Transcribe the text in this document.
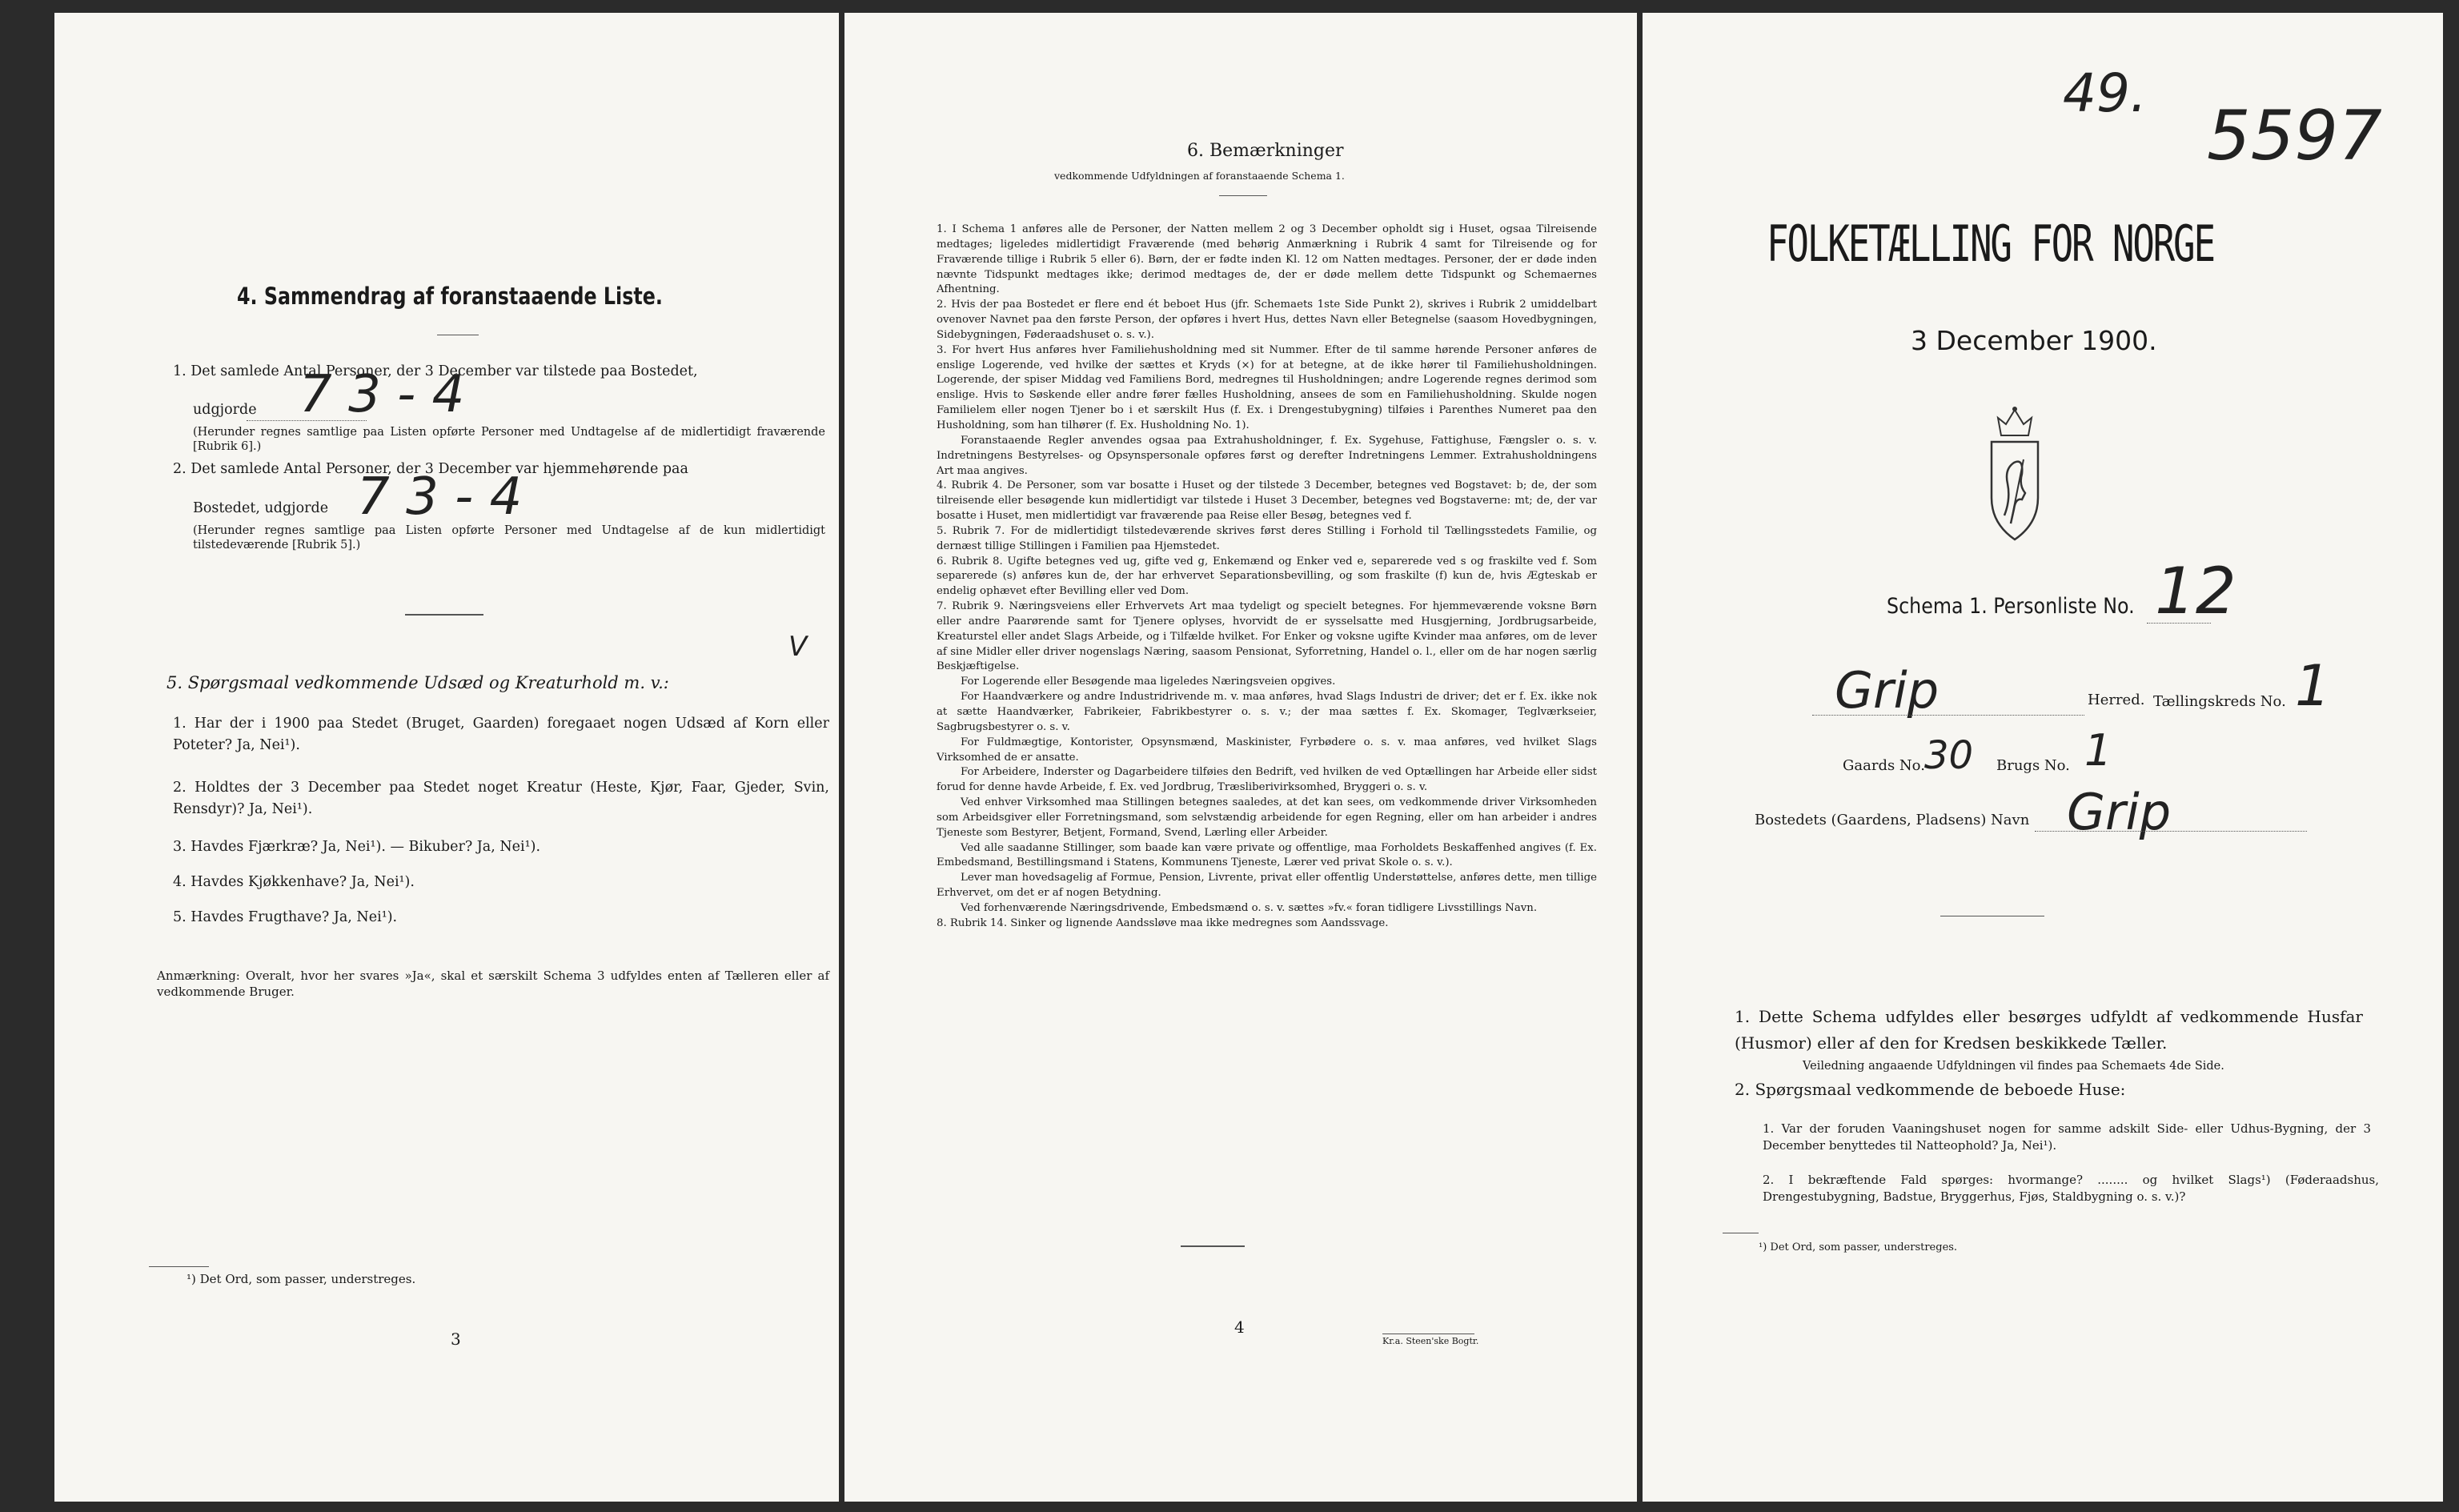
4. Sammendrag af foranstaaende Liste.
1. Det samlede Antal Personer, der 3 December var tilstede paa Bostedet,
udgjorde 7 3 - 4
(Herunder regnes samtlige paa Listen opførte Personer med Undtagelse af de midlertidigt fraværende [Rubrik 6].)
2. Det samlede Antal Personer, der 3 December var hjemmehørende paa
Bostedet, udgjorde 7 3 - 4
(Herunder regnes samtlige paa Listen opførte Personer med Undtagelse af de kun midlertidigt tilstedeværende [Rubrik 5].)
V
5. Spørgsmaal vedkommende Udsæd og Kreaturhold m. v.:
1. Har der i 1900 paa Stedet (Bruget, Gaarden) foregaaet nogen Udsæd af Korn eller Poteter? Ja, Nei¹).
2. Holdtes der 3 December paa Stedet noget Kreatur (Heste, Kjør, Faar, Gjeder, Svin, Rensdyr)? Ja, Nei¹).
3. Havdes Fjærkræ? Ja, Nei¹). — Bikuber? Ja, Nei¹).
4. Havdes Kjøkkenhave? Ja, Nei¹).
5. Havdes Frugthave? Ja, Nei¹).
Anmærkning: Overalt, hvor her svares »Ja«, skal et særskilt Schema 3 udfyldes enten af Tælleren eller af vedkommende Bruger.
¹) Det Ord, som passer, understreges.
3
6. Bemærkninger
vedkommende Udfyldningen af foranstaaende Schema 1.

1. I Schema 1 anføres alle de Personer, der Natten mellem 2 og 3 December opholdt sig i Huset, ogsaa Tilreisende medtages; ligeledes midlertidigt Fraværende (med behørig Anmærkning i Rubrik 4 samt for Tilreisende og for Fraværende tillige i Rubrik 5 eller 6). Børn, der er fødte inden Kl. 12 om Natten medtages. Personer, der er døde inden nævnte Tidspunkt medtages ikke; derimod medtages de, der er døde mellem dette Tidspunkt og Schemaernes Afhentning.

2. Hvis der paa Bostedet er flere end ét beboet Hus (jfr. Schemaets 1ste Side Punkt 2), skrives i Rubrik 2 umiddelbart ovenover Navnet paa den første Person, der opføres i hvert Hus, dettes Navn eller Betegnelse (saasom Hovedbygningen, Sidebygningen, Føderaadshuset o. s. v.).

3. For hvert Hus anføres hver Familiehusholdning med sit Nummer. Efter de til samme hørende Personer anføres de enslige Logerende, ved hvilke der sættes et Kryds (×) for at betegne, at de ikke hører til Familiehusholdningen. Logerende, der spiser Middag ved Familiens Bord, medregnes til Husholdningen; andre Logerende regnes derimod som enslige. Hvis to Søskende eller andre fører fælles Husholdning, ansees de som en Familiehusholdning. Skulde nogen Familielem eller nogen Tjener bo i et særskilt Hus (f. Ex. i Drengestubygning) tilføies i Parenthes Numeret paa den Husholdning, som han tilhører (f. Ex. Husholdning No. 1).

Foranstaaende Regler anvendes ogsaa paa Extrahusholdninger, f. Ex. Sygehuse, Fattighuse, Fængsler o. s. v. Indretningens Bestyrelses- og Opsynspersonale opføres først og derefter Indretningens Lemmer. Extrahusholdningens Art maa angives.

4. Rubrik 4. De Personer, som var bosatte i Huset og der tilstede 3 December, betegnes ved Bogstavet: b; de, der som tilreisende eller besøgende kun midlertidigt var tilstede i Huset 3 December, betegnes ved Bogstaverne: mt; de, der var bosatte i Huset, men midlertidigt var fraværende paa Reise eller Besøg, betegnes ved f.

5. Rubrik 7. For de midlertidigt tilstedeværende skrives først deres Stilling i Forhold til Tællingsstedets Familie, og dernæst tillige Stillingen i Familien paa Hjemstedet.

6. Rubrik 8. Ugifte betegnes ved ug, gifte ved g, Enkemænd og Enker ved e, separerede ved s og fraskilte ved f. Som separerede (s) anføres kun de, der har erhvervet Separationsbevilling, og som fraskilte (f) kun de, hvis Ægteskab er endelig ophævet efter Bevilling eller ved Dom.

7. Rubrik 9. Næringsveiens eller Erhvervets Art maa tydeligt og specielt betegnes. For hjemmeværende voksne Børn eller andre Paarørende samt for Tjenere oplyses, hvorvidt de er sysselsatte med Husgjerning, Jordbrugsarbeide, Kreaturstel eller andet Slags Arbeide, og i Tilfælde hvilket. For Enker og voksne ugifte Kvinder maa anføres, om de lever af sine Midler eller driver nogenslags Næring, saasom Pensionat, Syforretning, Handel o. l., eller om de har nogen særlig Beskjæftigelse.

For Logerende eller Besøgende maa ligeledes Næringsveien opgives.

For Haandværkere og andre Industridrivende m. v. maa anføres, hvad Slags Industri de driver; det er f. Ex. ikke nok at sætte Haandværker, Fabrikeier, Fabrikbestyrer o. s. v.; der maa sættes f. Ex. Skomager, Teglværkseier, Sagbrugsbestyrer o. s. v.

For Fuldmægtige, Kontorister, Opsynsmænd, Maskinister, Fyrbødere o. s. v. maa anføres, ved hvilket Slags Virksomhed de er ansatte.

For Arbeidere, Inderster og Dagarbeidere tilføies den Bedrift, ved hvilken de ved Optællingen har Arbeide eller sidst forud for denne havde Arbeide, f. Ex. ved Jordbrug, Træsliberivirksomhed, Bryggeri o. s. v.

Ved enhver Virksomhed maa Stillingen betegnes saaledes, at det kan sees, om vedkommende driver Virksomheden som Arbeidsgiver eller Forretningsmand, som selvstændig arbeidende for egen Regning, eller om han arbeider i andres Tjeneste som Bestyrer, Betjent, Formand, Svend, Lærling eller Arbeider.

Ved alle saadanne Stillinger, som baade kan være private og offentlige, maa Forholdets Beskaffenhed angives (f. Ex. Embedsmand, Bestillingsmand i Statens, Kommunens Tjeneste, Lærer ved privat Skole o. s. v.).

Lever man hovedsagelig af Formue, Pension, Livrente, privat eller offentlig Understøttelse, anføres dette, men tillige Erhvervet, om det er af nogen Betydning.

Ved forhenværende Næringsdrivende, Embedsmænd o. s. v. sættes »fv.« foran tidligere Livsstillings Navn.

8. Rubrik 14. Sinker og lignende Aandssløve maa ikke medregnes som Aandssvage.

4
Kr.a. Steen'ske Bogtr.
49.
5597
FOLKETÆLLING FOR NORGE
3 December 1900.
Schema 1. Personliste No. 12
Grip	Herred. Tællingskreds No. 1
Gaards No. 30 Brugs No. 1
Bostedets (Gaardens, Pladsens) Navn Grip
1. Dette Schema udfyldes eller besørges udfyldt af vedkommende Husfar (Husmor) eller af den for Kredsen beskikkede Tæller.
Veiledning angaaende Udfyldningen vil findes paa Schemaets 4de Side.
2. Spørgsmaal vedkommende de beboede Huse:
1. Var der foruden Vaaningshuset nogen for samme adskilt Side- eller Udhus-Bygning, der 3 December benyttedes til Natteophold? Ja, Nei¹).
2. I bekræftende Fald spørges: hvormange? ........ og hvilket Slags¹) (Føderaadshus, Drengestubygning, Badstue, Bryggerhus, Fjøs, Staldbygning o. s. v.)?
¹) Det Ord, som passer, understreges.
